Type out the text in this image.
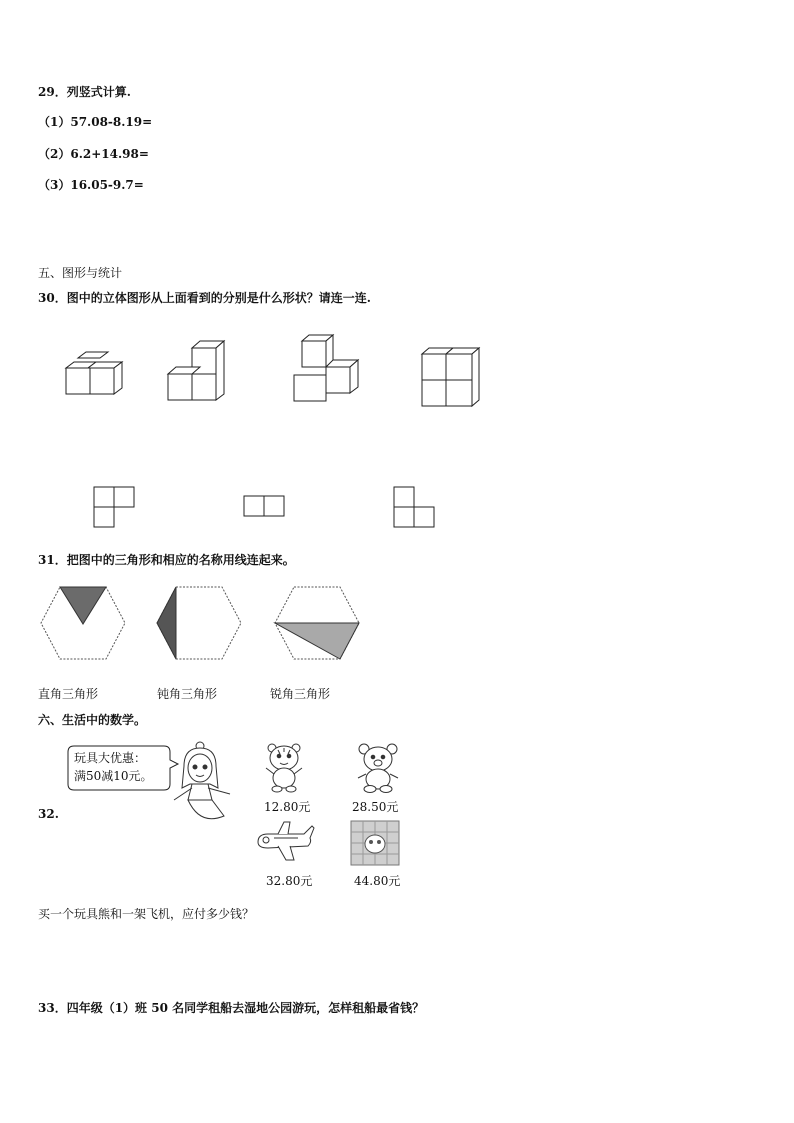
29．列竖式计算.
（1）57.08-8.19=
（2）6.2+14.98=
（3）16.05-9.7=
五、图形与统计
30．图中的立体图形从上面看到的分别是什么形状？请连一连.
31．把图中的三角形和相应的名称用线连起来。
直角三角形	钝角三角形	锐角三角形
六、生活中的数学。
32.
玩具大优惠：
满50减10元。
12.80元	28.50元
32.80元	44.80元
买一个玩具熊和一架飞机，应付多少钱？
33．四年级（1）班 50 名同学租船去湿地公园游玩，怎样租船最省钱？
